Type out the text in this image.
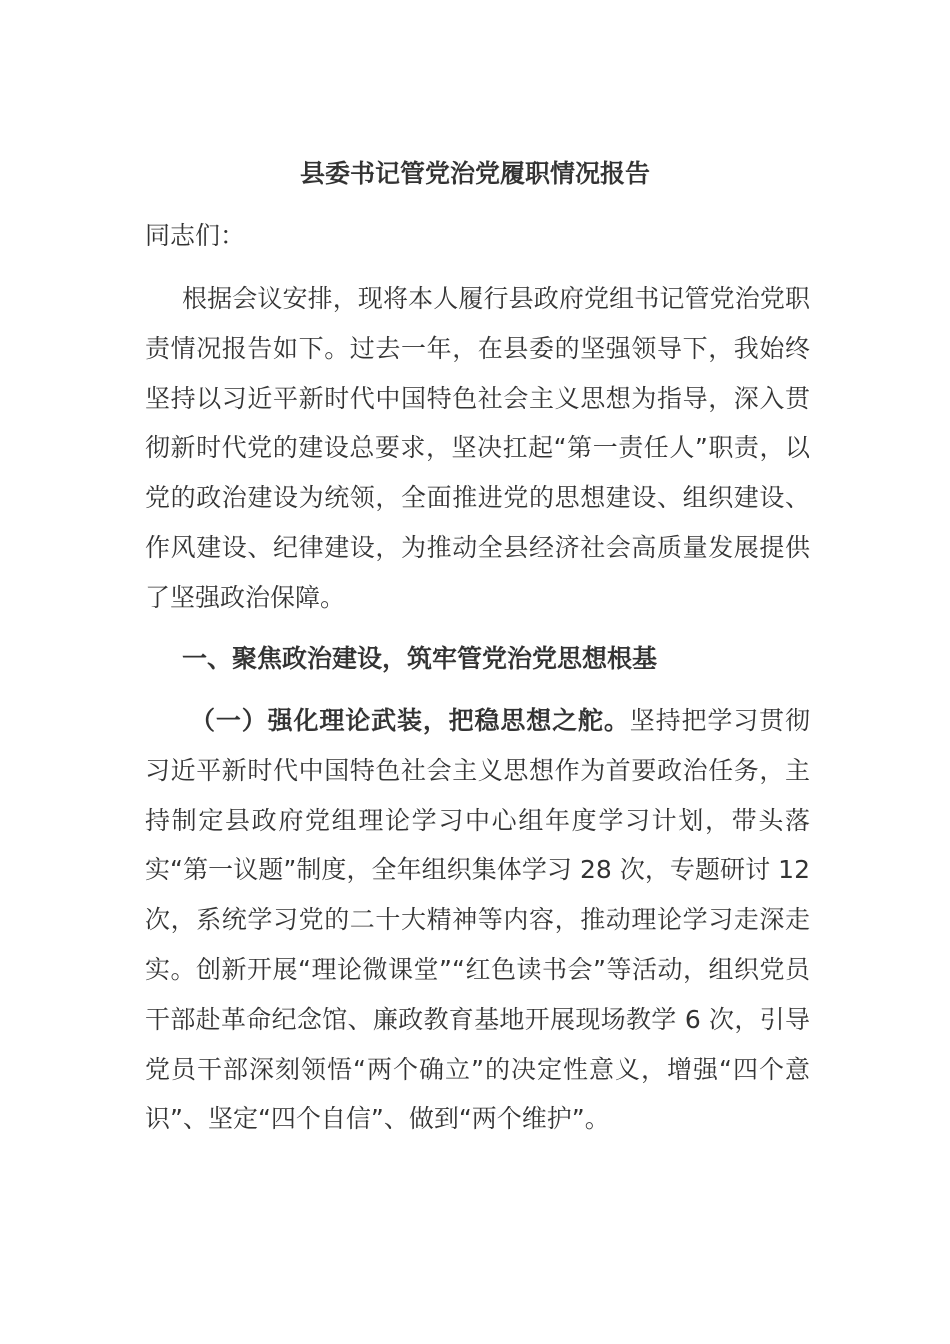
县委书记管党治党履职情况报告

同志们：

根据会议安排，现将本人履行县政府党组书记管党治党职责情况报告如下。过去一年，在县委的坚强领导下，我始终坚持以习近平新时代中国特色社会主义思想为指导，深入贯彻新时代党的建设总要求，坚决扛起“第一责任人”职责，以党的政治建设为统领，全面推进党的思想建设、组织建设、作风建设、纪律建设，为推动全县经济社会高质量发展提供了坚强政治保障。

一、聚焦政治建设，筑牢管党治党思想根基

（一）强化理论武装，把稳思想之舵。坚持把学习贯彻习近平新时代中国特色社会主义思想作为首要政治任务，主持制定县政府党组理论学习中心组年度学习计划，带头落实“第一议题”制度，全年组织集体学习 28 次，专题研讨 12 次，系统学习党的二十大精神等内容，推动理论学习走深走实。创新开展“理论微课堂”“红色读书会”等活动，组织党员干部赴革命纪念馆、廉政教育基地开展现场教学 6 次，引导党员干部深刻领悟“两个确立”的决定性意义，增强“四个意识”、坚定“四个自信”、做到“两个维护”。
